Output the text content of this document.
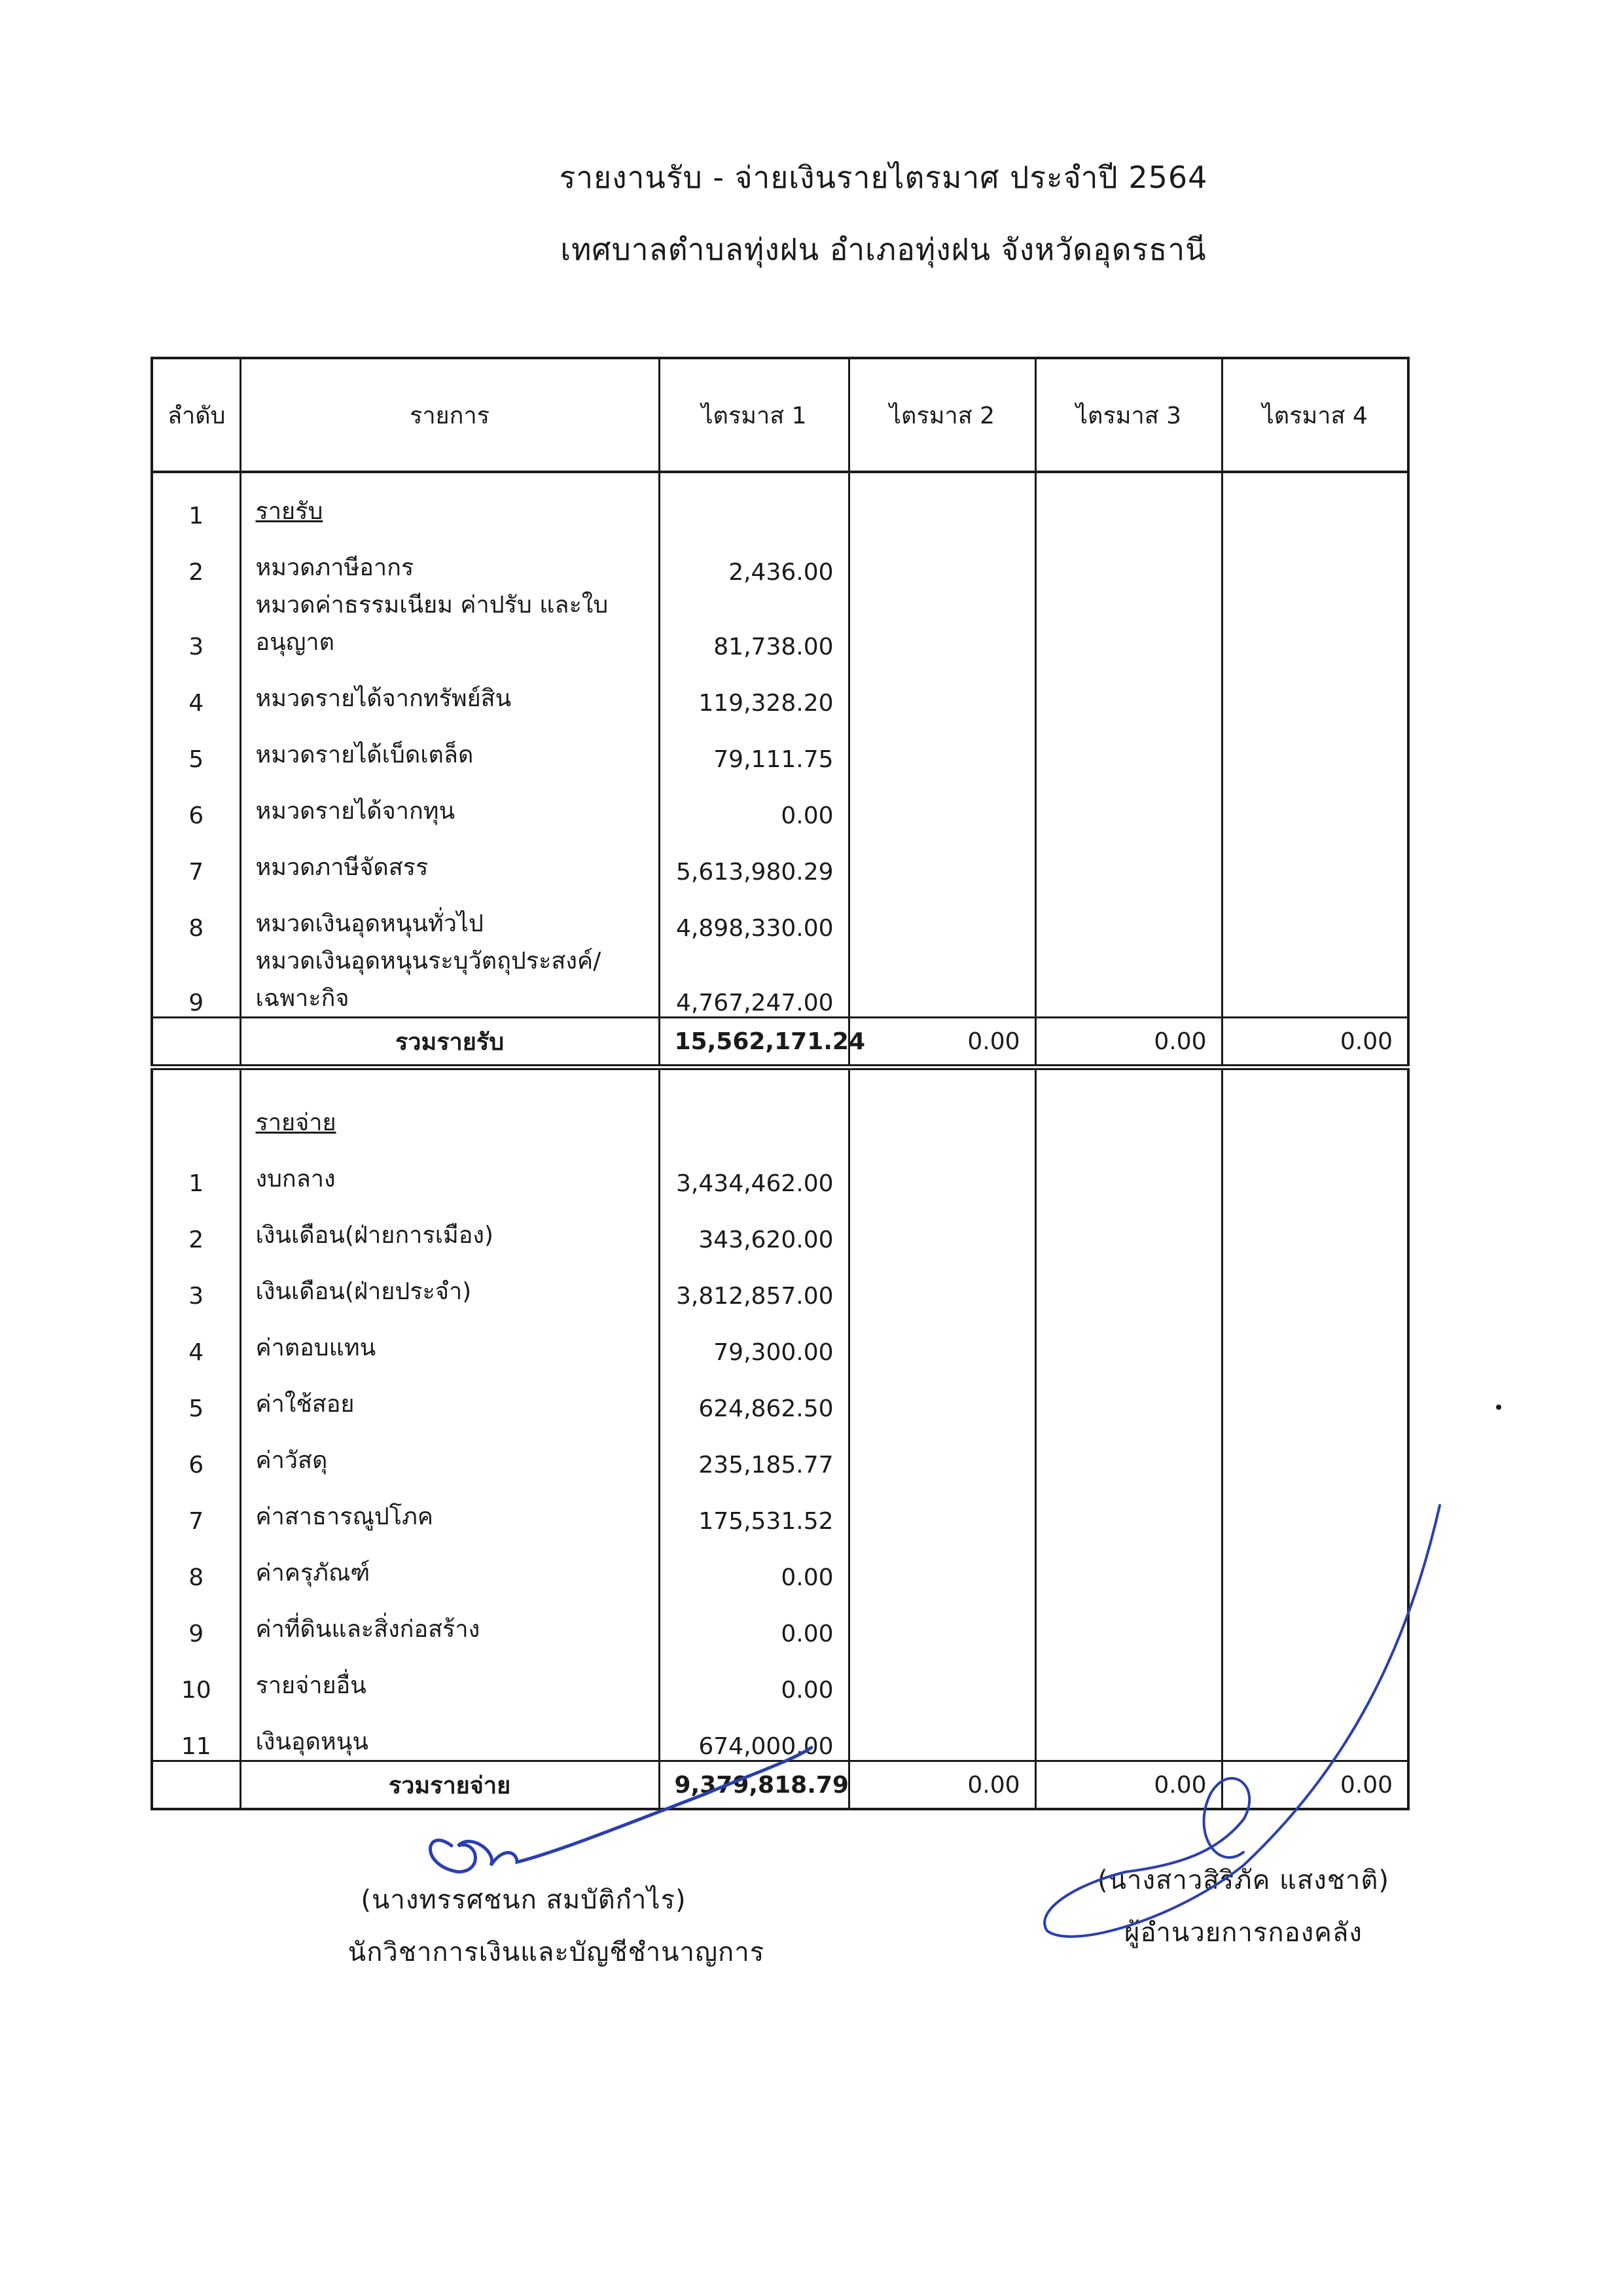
รายงานรับ - จ่ายเงินรายไตรมาศ ประจำปี 2564
เทศบาลตำบลทุ่งฝน อำเภอทุ่งฝน จังหวัดอุดรธานี
ลำดับ	รายการ	ไตรมาส 1	ไตรมาส 2	ไตรมาส 3	ไตรมาส 4
1	รายรับ				
2	หมวดภาษีอากร	2,436.00			
3	หมวดค่าธรรมเนียม ค่าปรับ และใบอนุญาต	81,738.00			
4	หมวดรายได้จากทรัพย์สิน	119,328.20			
5	หมวดรายได้เบ็ดเตล็ด	79,111.75			
6	หมวดรายได้จากทุน	0.00			
7	หมวดภาษีจัดสรร	5,613,980.29			
8	หมวดเงินอุดหนุนทั่วไป	4,898,330.00			
9	หมวดเงินอุดหนุนระบุวัตถุประสงค์/เฉพาะกิจ	4,767,247.00			
	รวมรายรับ	15,562,171.24	0.00	0.00	0.00

	รายจ่าย				
1	งบกลาง	3,434,462.00			
2	เงินเดือน(ฝ่ายการเมือง)	343,620.00			
3	เงินเดือน(ฝ่ายประจำ)	3,812,857.00			
4	ค่าตอบแทน	79,300.00			
5	ค่าใช้สอย	624,862.50			
6	ค่าวัสดุ	235,185.77			
7	ค่าสาธารณูปโภค	175,531.52			
8	ค่าครุภัณฑ์	0.00			
9	ค่าที่ดินและสิ่งก่อสร้าง	0.00			
10	รายจ่ายอื่น	0.00			
11	เงินอุดหนุน	674,000.00			
	รวมรายจ่าย	9,379,818.79	0.00	0.00	0.00
(นางทรรศชนก สมบัติกำไร)
นักวิชาการเงินและบัญชีชำนาญการ
(นางสาวสิริภัค แสงชาติ)
ผู้อำนวยการกองคลัง
